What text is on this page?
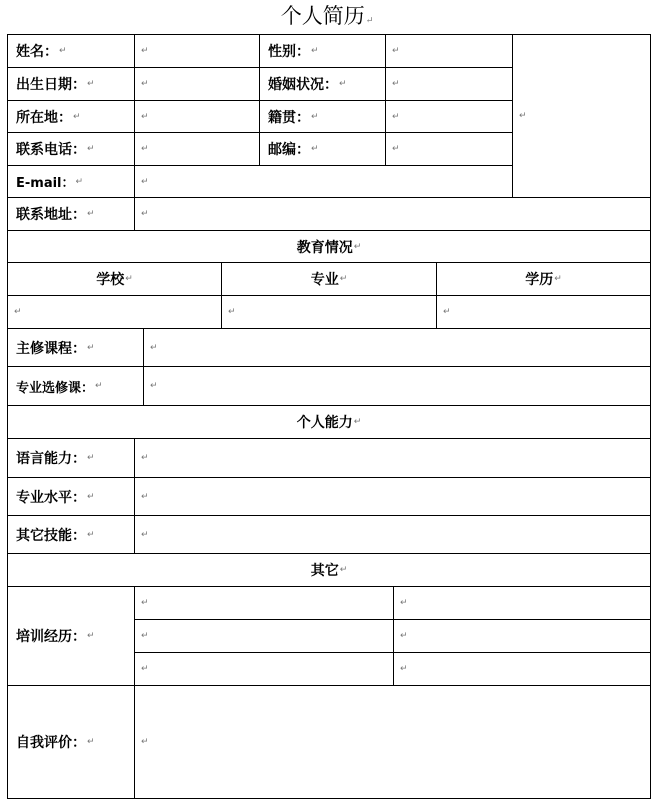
个人简历↵
姓名： ↵	↵	性别： ↵	↵
↵
出生日期： ↵	↵	婚姻状况： ↵	↵
所在地： ↵	↵	籍贯： ↵	↵
联系电话： ↵	↵	邮编： ↵	↵
E-mail： ↵	↵
联系地址： ↵	↵
教育情况 ↵
学校 ↵	专业 ↵	学历 ↵
↵	↵	↵
主修课程： ↵	↵
专业选修课： ↵	↵
个人能力 ↵
语言能力： ↵	↵
专业水平： ↵	↵
其它技能： ↵	↵
其它 ↵
培训经历： ↵
↵	↵
↵	↵
↵	↵
自我评价： ↵	↵
